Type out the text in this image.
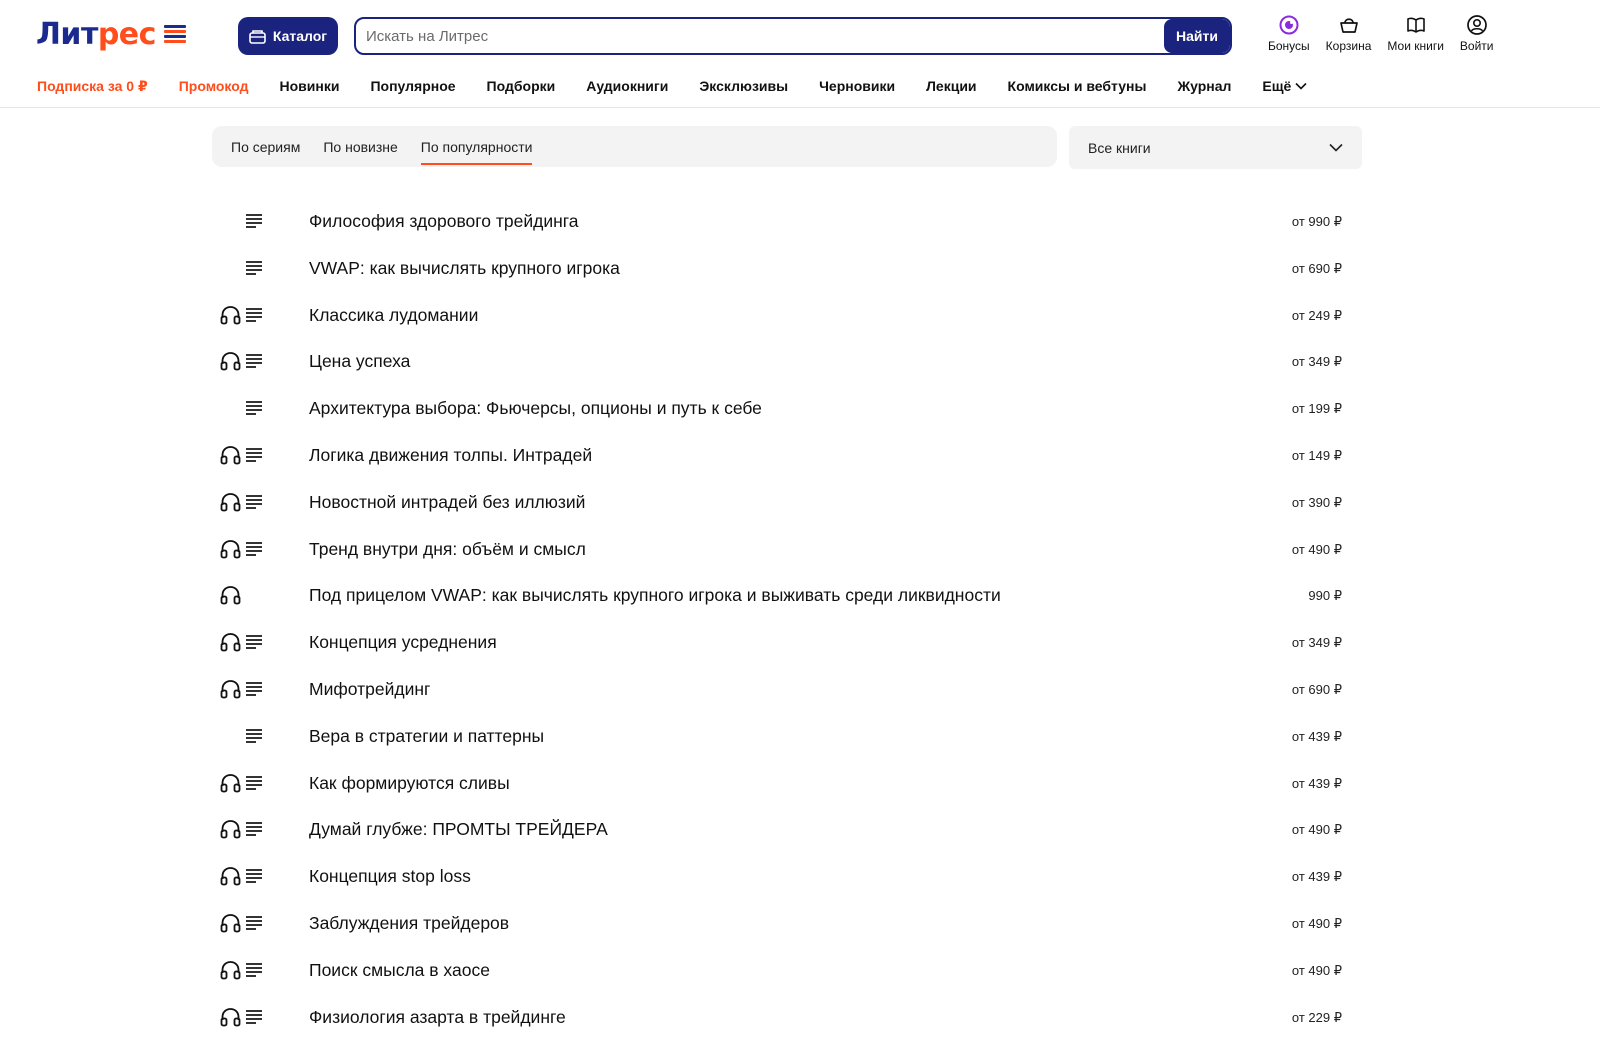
Литрес	Каталог
Искать на Литрес	Найти
Бонусы Корзина Мои книги Войти
Подписка за 0 ₽ Промокод Новинки Популярное Подборки Аудиокниги Эксклюзивы Черновики Лекции Комиксы и вебтуны Журнал Ещё
По сериям По новизне По популярности	Все книги
Философия здорового трейдинга	от 990 ₽
VWAP: как вычислять крупного игрока	от 690 ₽
Классика лудомании	от 249 ₽
Цена успеха	от 349 ₽
Архитектура выбора: Фьючерсы, опционы и путь к себе	от 199 ₽
Логика движения толпы. Интрадей	от 149 ₽
Новостной интрадей без иллюзий	от 390 ₽
Тренд внутри дня: объём и смысл	от 490 ₽
Под прицелом VWAP: как вычислять крупного игрока и выживать среди ликвидности	990 ₽
Концепция усреднения	от 349 ₽
Мифотрейдинг	от 690 ₽
Вера в стратегии и паттерны	от 439 ₽
Как формируются сливы	от 439 ₽
Думай глубже: ПРОМТЫ ТРЕЙДЕРА	от 490 ₽
Концепция stop loss	от 439 ₽
Заблуждения трейдеров	от 490 ₽
Поиск смысла в хаосе	от 490 ₽
Физиология азарта в трейдинге	от 229 ₽
